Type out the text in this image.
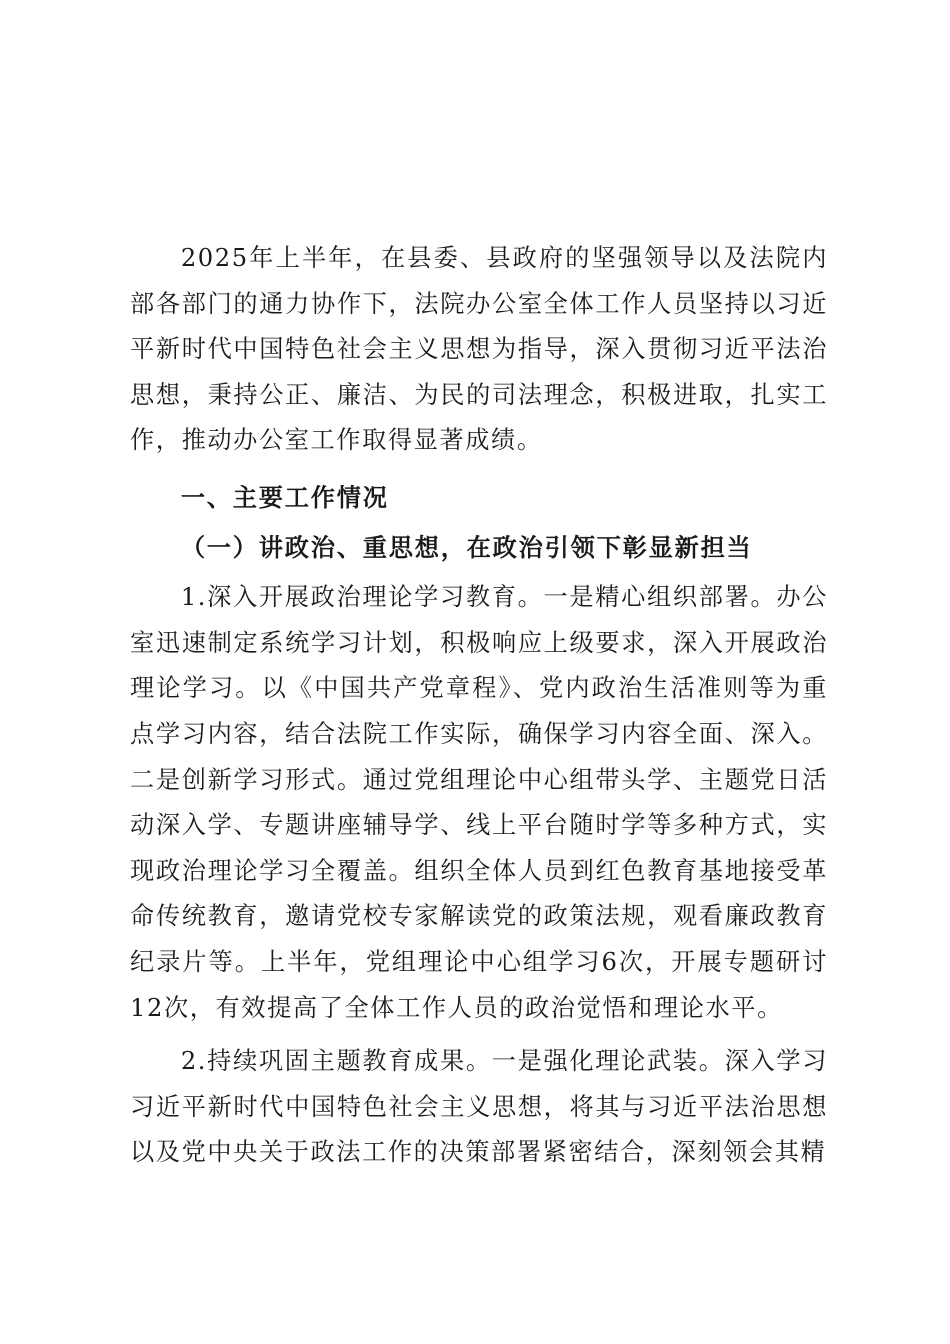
2025年上半年，在县委、县政府的坚强领导以及法院内部各部门的通力协作下，法院办公室全体工作人员坚持以习近平新时代中国特色社会主义思想为指导，深入贯彻习近平法治思想，秉持公正、廉洁、为民的司法理念，积极进取，扎实工作，推动办公室工作取得显著成绩。

一、主要工作情况

（一）讲政治、重思想，在政治引领下彰显新担当

1.深入开展政治理论学习教育。一是精心组织部署。办公室迅速制定系统学习计划，积极响应上级要求，深入开展政治理论学习。以《中国共产党章程》、党内政治生活准则等为重点学习内容，结合法院工作实际，确保学习内容全面、深入。二是创新学习形式。通过党组理论中心组带头学、主题党日活动深入学、专题讲座辅导学、线上平台随时学等多种方式，实现政治理论学习全覆盖。组织全体人员到红色教育基地接受革命传统教育，邀请党校专家解读党的政策法规，观看廉政教育纪录片等。上半年，党组理论中心组学习6次，开展专题研讨12次，有效提高了全体工作人员的政治觉悟和理论水平。

2.持续巩固主题教育成果。一是强化理论武装。深入学习习近平新时代中国特色社会主义思想，将其与习近平法治思想以及党中央关于政法工作的决策部署紧密结合，深刻领会其精
